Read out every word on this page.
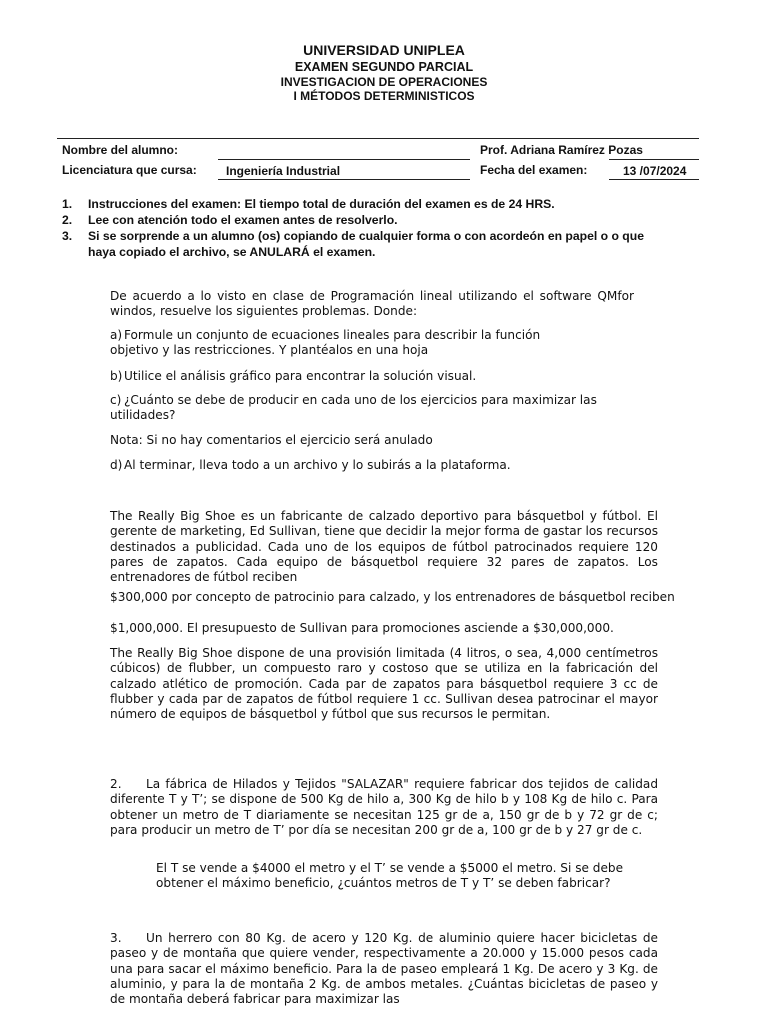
UNIVERSIDAD UNIPLEA
EXAMEN SEGUNDO PARCIAL
INVESTIGACION DE OPERACIONES
I MÉTODOS DETERMINISTICOS
Nombre del alumno:	Prof. Adriana Ramírez Pozas
Licenciatura que cursa: Ingeniería Industrial	Fecha del examen:	13 /07/2024
1. Instrucciones del examen: El tiempo total de duración del examen es de 24 HRS.
2. Lee con atención todo el examen antes de resolverlo.
3. Si se sorprende a un alumno (os) copiando de cualquier forma o con acordeón en papel o o que haya copiado el archivo, se ANULARÁ el examen.

De acuerdo a lo visto en clase de Programación lineal utilizando el software QMfor windos, resuelve los siguientes problemas. Donde:

a) Formule un conjunto de ecuaciones lineales para describir la función objetivo y las restricciones. Y plantéalos en una hoja

b) Utilice el análisis gráfico para encontrar la solución visual.

c) ¿Cuánto se debe de producir en cada uno de los ejercicios para maximizar las utilidades?

Nota: Si no hay comentarios el ejercicio será anulado

d) Al terminar, lleva todo a un archivo y lo subirás a la plataforma.

The Really Big Shoe es un fabricante de calzado deportivo para básquetbol y fútbol. El gerente de marketing, Ed Sullivan, tiene que decidir la mejor forma de gastar los recursos destinados a publicidad. Cada uno de los equipos de fútbol patrocinados requiere 120 pares de zapatos. Cada equipo de básquetbol requiere 32 pares de zapatos. Los entrenadores de fútbol reciben

$300,000 por concepto de patrocinio para calzado, y los entrenadores de básquetbol reciben

$1,000,000. El presupuesto de Sullivan para promociones asciende a $30,000,000.

The Really Big Shoe dispone de una provisión limitada (4 litros, o sea, 4,000 centímetros cúbicos) de flubber, un compuesto raro y costoso que se utiliza en la fabricación del calzado atlético de promoción. Cada par de zapatos para básquetbol requiere 3 cc de flubber y cada par de zapatos de fútbol requiere 1 cc. Sullivan desea patrocinar el mayor número de equipos de básquetbol y fútbol que sus recursos le permitan.

2. La fábrica de Hilados y Tejidos "SALAZAR" requiere fabricar dos tejidos de calidad diferente T y T’; se dispone de 500 Kg de hilo a, 300 Kg de hilo b y 108 Kg de hilo c. Para obtener un metro de T diariamente se necesitan 125 gr de a, 150 gr de b y 72 gr de c; para producir un metro de T’ por día se necesitan 200 gr de a, 100 gr de b y 27 gr de c.

El T se vende a $4000 el metro y el T’ se vende a $5000 el metro. Si se debe obtener el máximo beneficio, ¿cuántos metros de T y T’ se deben fabricar?

3. Un herrero con 80 Kg. de acero y 120 Kg. de aluminio quiere hacer bicicletas de paseo y de montaña que quiere vender, respectivamente a 20.000 y 15.000 pesos cada una para sacar el máximo beneficio. Para la de paseo empleará 1 Kg. De acero y 3 Kg. de aluminio, y para la de montaña 2 Kg. de ambos metales. ¿Cuántas bicicletas de paseo y de montaña deberá fabricar para maximizar las
